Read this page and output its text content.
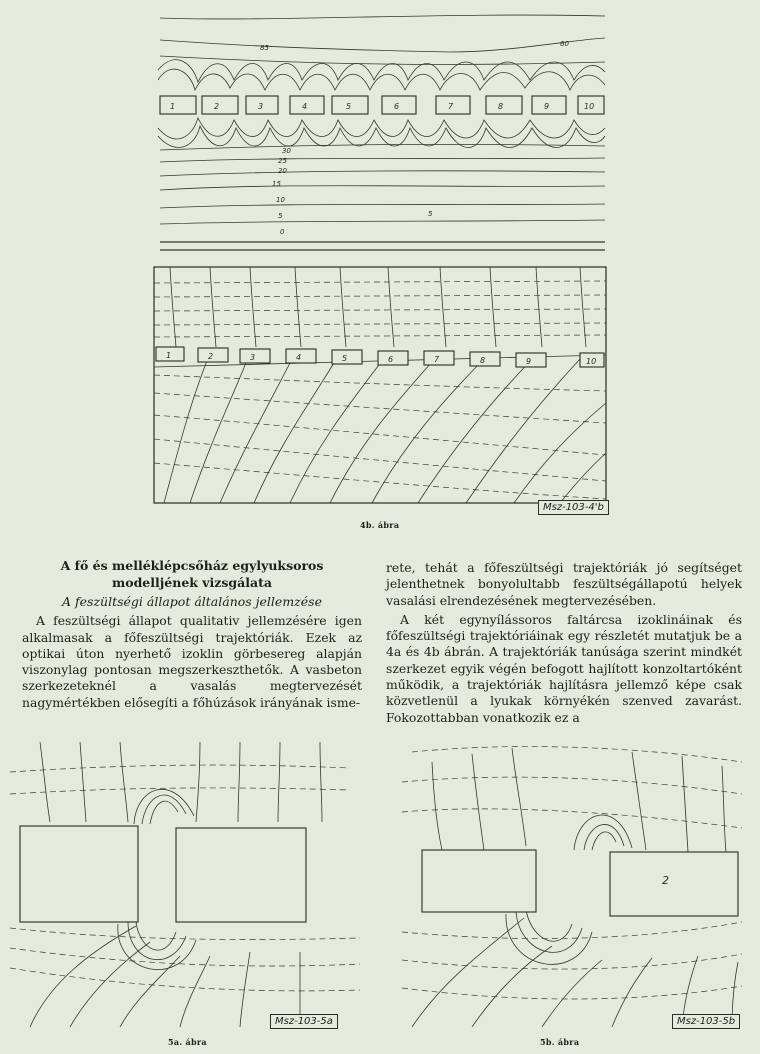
1	2	3	4	5	6	7	8	9	10
85	60
30
25
20
15
10
5	5
0
1	2	3	4	5	6	7	8	9	10
Msz-103-4'b
4b. ábra
A fő és melléklépcsőház egylyuksoros
modelljének vizsgálata
A feszültségi állapot általános jellemzése

A feszültségi állapot qualitativ jellemzésére igen alkalmasak a főfeszültségi trajektóriák. Ezek az optikai úton nyerhető izoklin görbesereg alapján viszonylag pontosan megszerkeszthetők. A vasbeton szerkezeteknél a vasalás megtervezését nagymértékben elősegíti a főhúzások irányának isme-

rete, tehát a főfeszültségi trajektóriák jó segítséget jelenthetnek bonyolultabb feszültségállapotú helyek vasalási elrendezésének megtervezésében.

A két egynyílássoros faltárcsa izoklináinak és főfeszültségi trajektóriáinak egy részletét mutatjuk be a 4a és 4b ábrán. A trajektóriák tanúsága szerint mindkét szerkezet egyik végén befogott hajlított konzoltartóként működik, a trajektóriák hajlításra jellemző képe csak közvetlenül a lyukak környékén szenved zavarást. Fokozottabban vonatkozik ez a

Msz-103-5a
5a. ábra
2
Msz-103-5b
5b. ábra
